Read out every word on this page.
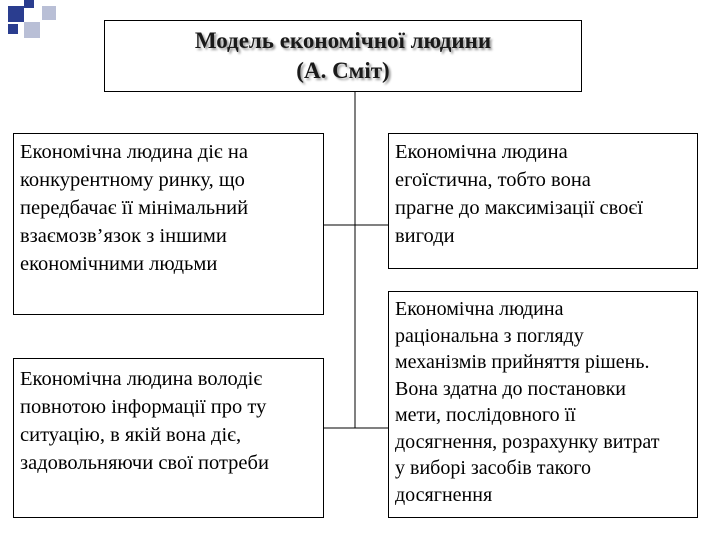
Модель економічної людини
(А. Сміт)
Економічна людина діє на
конкурентному ринку, що
передбачає її мінімальний
взаємозв’язок з іншими
економічними людьми
Економічна людина
егоїстична, тобто вона
прагне до максимізації своєї
вигоди
Економічна людина володіє
повнотою інформації про ту
ситуацію, в якій вона діє,
задовольняючи свої потреби
Економічна людина
раціональна з погляду
механізмів прийняття рішень.
Вона здатна до постановки
мети, послідовного її
досягнення, розрахунку витрат
у виборі засобів такого
досягнення
